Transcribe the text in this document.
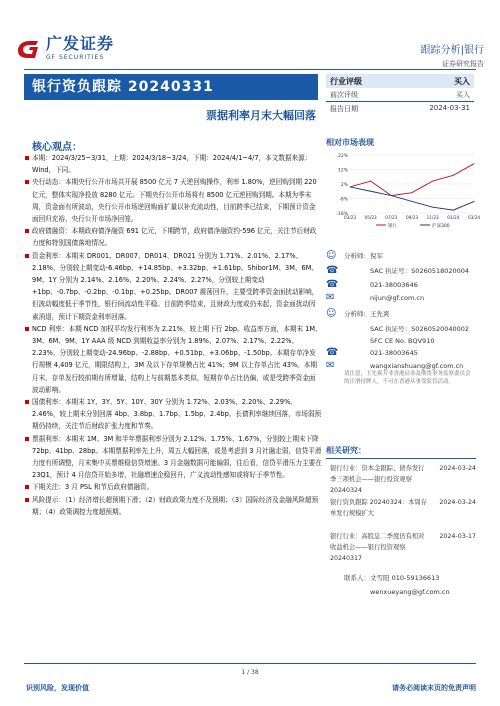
广发证券
GF SECURITIES
跟踪分析|银行
证券研究报告
银行资负跟踪 20240331
票据利率月末大幅回落
行业评级	买入
前次评级	买入
报告日期	2024-03-31
核心观点：

本期：2024/3/25~3/31，上期：2024/3/18~3/24，下期：2024/4/1~4/7，本文数据来源：Wind，下同。

央行动态：本期央行公开市场共开展 8500 亿元 7 天逆回购操作，利率 1.80%，逆回购到期 220 亿元，整体实现净投放 8280 亿元。下期央行公开市场将有 8500 亿元逆回购到期。本期为季末周，资金面有所波动，央行公开市场逆回购面扩量以补充流动性，目前跨季已结束，下期预计资金面回归充裕，央行公开市场净回笼。

政府债融资：本期政府债净融资 691 亿元，下期跨节，政府债净融资约-596 亿元，关注节后财政力度和特别国债落地情况。

资金利率：本期末 DR001、DR007、DR014、DR021 分别为 1.71%、2.01%、2.17%、2.18%，分别较上期变动-6.46bp、+14.85bp、+3.32bp、+1.61bp。Shibor1M、3M、6M、9M、1Y 分别为 2.14%、2.16%、2.20%、2.24%、2.27%，分别较上期变动+1bp、-0.7bp、-0.2bp、-0.1bp、+0.25bp。DR007 震荡回升，主要受跨季资金面扰动影响，但波动幅度低于季节性，银行间流动性平稳。目前跨季结束，且财政力度或仍未起，资金面扰动因素消退，预计下期资金利率回落。

NCD 利率：本期 NCD 加权平均发行利率为 2.21%，较上期下行 2bp。收益率方面，本期末 1M、3M、6M、9M、1Y AAA 级 NCD 到期收益率分别为 1.89%、2.07%、2.17%、2.22%、2.23%，分别较上期变动-24.96bp、-2.88bp、+0.51bp、+3.06bp、-1.50bp。本期存单净发行规模 4,409 亿元，期限结构上，3M 及以下存单规模占比 41%；9M 以上存单占比 43%。本期月末，存单发行较前期有所增量，结构上与前期基本类似，短期存单占比仍偏，或是受跨季资金面波动影响。

国债利率：本期末 1Y、3Y、5Y、10Y、30Y 分别为 1.72%、2.03%、2.20%、2.29%、2.46%，较上期末分别回落 4bp、3.8bp、1.7bp、1.5bp、2.4bp。长债利率继续回落，市场弱预期仍持续，关注节后财政扩张力度和节奏。

票据利率：本期末 1M、3M 和半年票据利率分别为 2.12%、1.75%、1.67%，分别较上期末下降 72bp、41bp、28bp。本期票据利率先上升，周五大幅回落，或是考虑到 3 月社融走弱，信贷平滑力度有所调整，月末集中买票维稳信贷增速。3 月金融数据可能偏弱，往后看，信贷平滑压力主要在 23Q1，预计 4 月信贷开始多增，社融增速企稳回升，广义流动性感知或将好于季节性。

下期关注：3 月 PSL 和节后政府债融资。

风险提示：（1）经济增长超预期下滑；（2）财政政策力度不及预期；（3）国际经济及金融风险超预期；（4）政策调控力度超预期。

相对市场表现
22%
12%
2%
-8%
-18%
03/23 05/23 07/23 09/23 11/23 01/24 03/24
银行	沪深300
☺ 分析师: 倪军
☎	SAC 执证号：S0260518020004
☎	021-38003646
✉	nijun@gf.com.cn
☺ 分析师: 王先爽
SAC 执证号：S0260520040002
SFC CE No. BQV910
☎	021-38003645
✉	wangxianshuang@gf.com.cn
请注意，王先爽并非香港证券及期货事务监察委员会的注册持牌人，不可在香港从事受监管活动。
相关研究：
银行行业：资本金跟踪、债券发行季三项机会——银行投资观察 20240324
2024-03-24
银行资负跟踪 20240324：本周存单发行规模扩大
2024-03-24
银行行业：高股息二季度仍有相对收益机会——银行投资观察 20240317
2024-03-17
联系人：文雪阳 010-59136613
wenxueyang@gf.com.cn
1 / 38
识别风险，发现价值	请务必阅读末页的免责声明
